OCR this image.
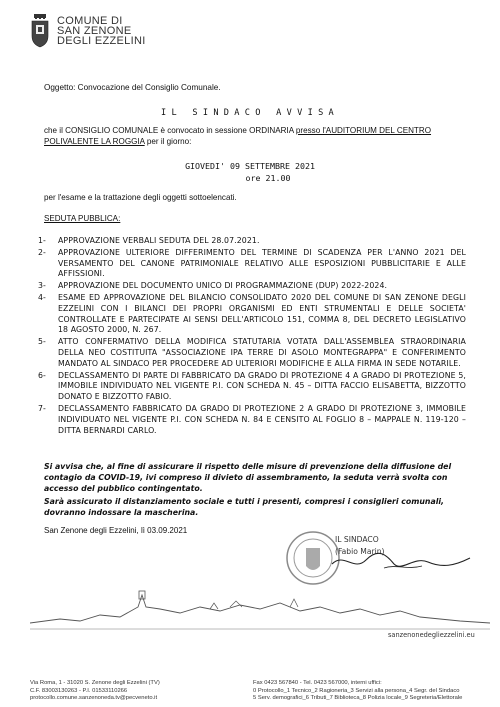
COMUNE DI
SAN ZENONE
DEGLI EZZELINI
Oggetto: Convocazione del Consiglio Comunale.
IL SINDACO AVVISA
che il CONSIGLIO COMUNALE è convocato in sessione ORDINARIA presso l'AUDITORIUM DEL CENTRO POLIVALENTE LA ROGGIA per il giorno:
GIOVEDI' 09 SETTEMBRE 2021
ore 21.00
per l'esame e la trattazione degli oggetti sottoelencati.
SEDUTA PUBBLICA:
1- APPROVAZIONE VERBALI SEDUTA DEL 28.07.2021.
2- APPROVAZIONE ULTERIORE DIFFERIMENTO DEL TERMINE DI SCADENZA PER L'ANNO 2021 DEL VERSAMENTO DEL CANONE PATRIMONIALE RELATIVO ALLE ESPOSIZIONI PUBBLICITARIE E ALLE AFFISSIONI.
3- APPROVAZIONE DEL DOCUMENTO UNICO DI PROGRAMMAZIONE (DUP) 2022-2024.
4- ESAME ED APPROVAZIONE DEL BILANCIO CONSOLIDATO 2020 DEL COMUNE DI SAN ZENONE DEGLI EZZELINI CON I BILANCI DEI PROPRI ORGANISMI ED ENTI STRUMENTALI E DELLE SOCIETA' CONTROLLATE E PARTECIPATE AI SENSI DELL'ARTICOLO 151, COMMA 8, DEL DECRETO LEGISLATIVO 18 AGOSTO 2000, N. 267.
5- ATTO CONFERMATIVO DELLA MODIFICA STATUTARIA VOTATA DALL'ASSEMBLEA STRAORDINARIA DELLA NEO COSTITUITA "ASSOCIAZIONE IPA TERRE DI ASOLO MONTEGRAPPA" E CONFERIMENTO MANDATO AL SINDACO PER PROCEDERE AD ULTERIORI MODIFICHE E ALLA FIRMA IN SEDE NOTARILE.
6- DECLASSAMENTO DI PARTE DI FABBRICATO DA GRADO DI PROTEZIONE 4 A GRADO DI PROTEZIONE 5, IMMOBILE INDIVIDUATO NEL VIGENTE P.I. CON SCHEDA N. 45 – DITTA FACCIO ELISABETTA, BIZZOTTO DONATO E BIZZOTTO FABIO.
7- DECLASSAMENTO FABBRICATO DA GRADO DI PROTEZIONE 2 A GRADO DI PROTEZIONE 3, IMMOBILE INDIVIDUATO NEL VIGENTE P.I. CON SCHEDA N. 84 E CENSITO AL FOGLIO 8 – MAPPALE N. 119-120 – DITTA BERNARDI CARLO.

Si avvisa che, al fine di assicurare il rispetto delle misure di prevenzione della diffusione del contagio da COVID-19, ivi compreso il divieto di assembramento, la seduta verrà svolta con accesso del pubblico contingentato.

Sarà assicurato il distanziamento sociale e tutti i presenti, compresi i consiglieri comunali, dovranno indossare la mascherina.

San Zenone degli Ezzelini, lì 03.09.2021
IL SINDACO
(Fabio Marin)
sanzenonedegliezzelini.eu
Via Roma, 1 - 31020 S. Zenone degli Ezzelini (TV)
C.F. 83003130263 - P.I. 01533110266
protocollo.comune.sanzenoneda.tv@pecveneto.it
Fax 0423 567840 - Tel. 0423 567000, interni uffici:
0 Protocollo_1 Tecnico_2 Ragioneria_3 Servizi alla persona_4 Segr. del Sindaco
5 Serv. demografici_6 Tributi_7 Biblioteca_8 Polizia locale_9 Segreteria/Elettorale
